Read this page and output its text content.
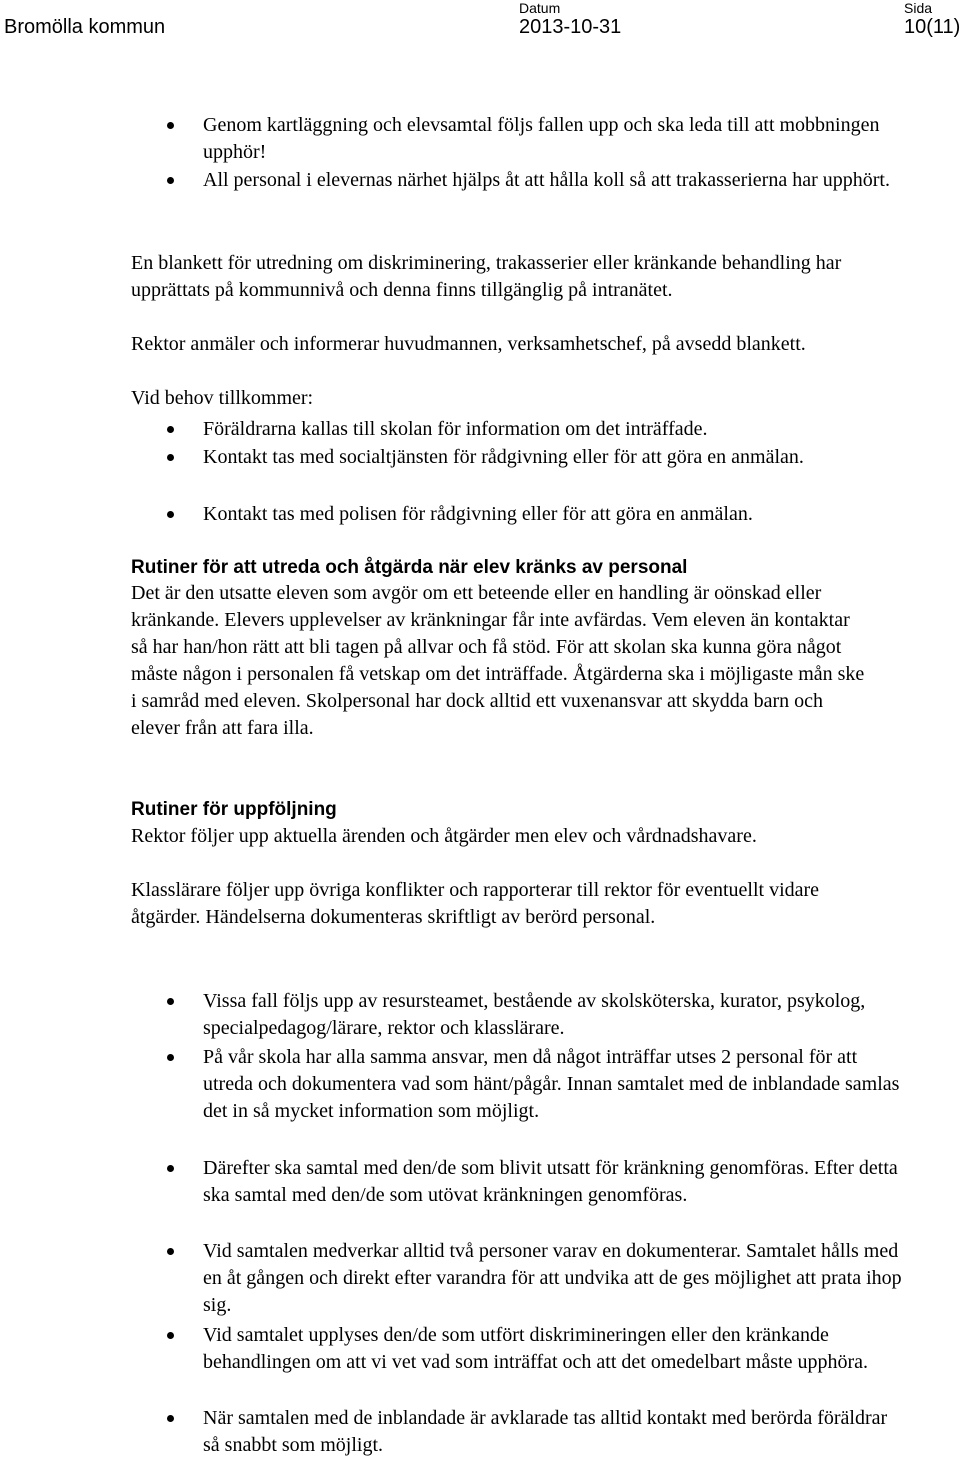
Bromölla kommun
Datum
2013-10-31
Sida
10(11)
Genom kartläggning och elevsamtal följs fallen upp och ska leda till att mobbningen upphör!
All personal i elevernas närhet hjälps åt att hålla koll så att trakasserierna har upphört.
En blankett för utredning om diskriminering, trakasserier eller kränkande behandling har upprättats på kommunnivå och denna finns tillgänglig på intranätet.
Rektor anmäler och informerar huvudmannen, verksamhetschef, på avsedd blankett.
Vid behov tillkommer:
Föräldrarna kallas till skolan för information om det inträffade.
Kontakt tas med socialtjänsten för rådgivning eller för att göra en anmälan.
Kontakt tas med polisen för rådgivning eller för att göra en anmälan.
Rutiner för att utreda och åtgärda när elev kränks av personal
Det är den utsatte eleven som avgör om ett beteende eller en handling är oönskad eller kränkande. Elevers upplevelser av kränkningar får inte avfärdas. Vem eleven än kontaktar så har han/hon rätt att bli tagen på allvar och få stöd. För att skolan ska kunna göra något måste någon i personalen få vetskap om det inträffade. Åtgärderna ska i möjligaste mån ske i samråd med eleven. Skolpersonal har dock alltid ett vuxenansvar att skydda barn och elever från att fara illa.
Rutiner för uppföljning
Rektor följer upp aktuella ärenden och åtgärder men elev och vårdnadshavare.
Klasslärare följer upp övriga konflikter och rapporterar till rektor för eventuellt vidare åtgärder. Händelserna dokumenteras skriftligt av berörd personal.
Vissa fall följs upp av resursteamet, bestående av skolsköterska, kurator, psykolog, specialpedagog/lärare, rektor och klasslärare.
På vår skola har alla samma ansvar, men då något inträffar utses 2 personal för att utreda och dokumentera vad som hänt/pågår. Innan samtalet med de inblandade samlas det in så mycket information som möjligt.
Därefter ska samtal med den/de som blivit utsatt för kränkning genomföras. Efter detta ska samtal med den/de som utövat kränkningen genomföras.
Vid samtalen medverkar alltid två personer varav en dokumenterar. Samtalet hålls med en åt gången och direkt efter varandra för att undvika att de ges möjlighet att prata ihop sig.
Vid samtalet upplyses den/de som utfört diskrimineringen eller den kränkande behandlingen om att vi vet vad som inträffat och att det omedelbart måste upphöra.
När samtalen med de inblandade är avklarade tas alltid kontakt med berörda föräldrar så snabbt som möjligt.
